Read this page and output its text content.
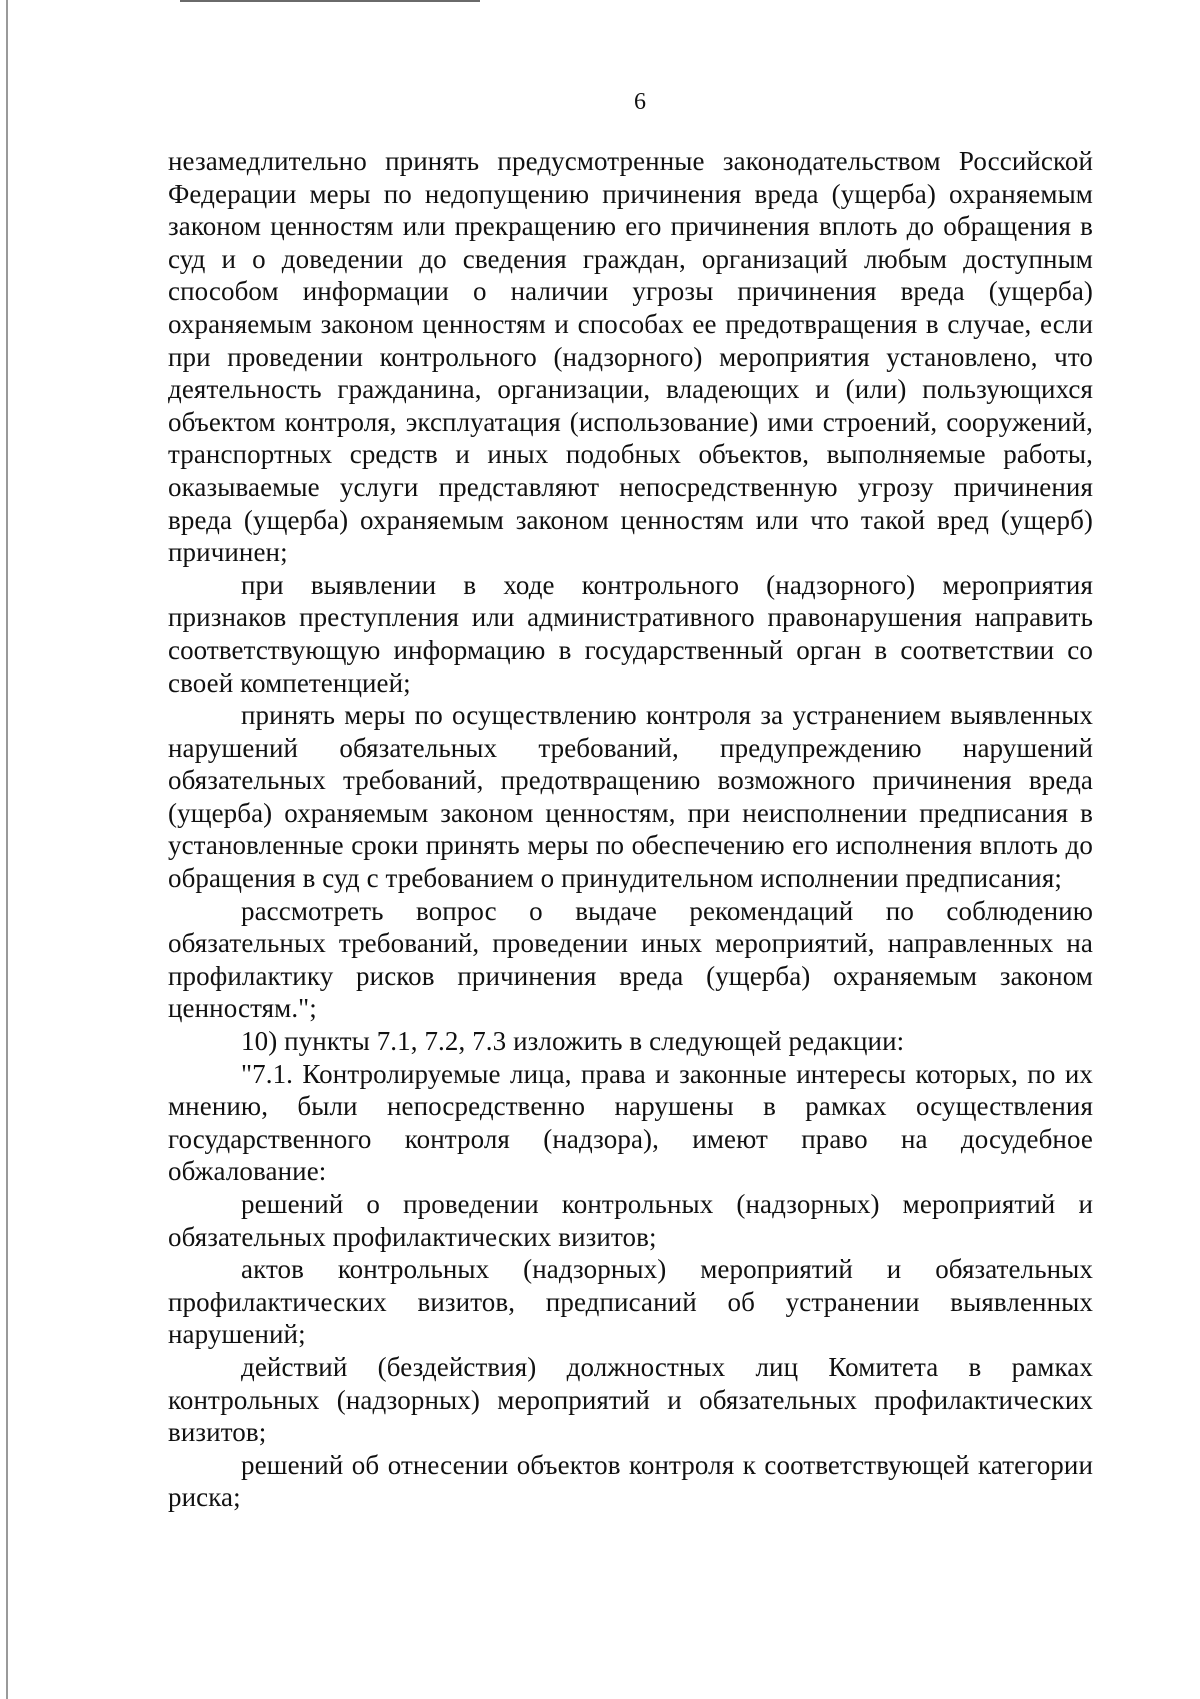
6

незамедлительно принять предусмотренные законодательством Российской Федерации меры по недопущению причинения вреда (ущерба) охраняемым законом ценностям или прекращению его причинения вплоть до обращения в суд и о доведении до сведения граждан, организаций любым доступным способом информации о наличии угрозы причинения вреда (ущерба) охраняемым законом ценностям и способах ее предотвращения в случае, если при проведении контрольного (надзорного) мероприятия установлено, что деятельность гражданина, организации, владеющих и (или) пользующихся объектом контроля, эксплуатация (использование) ими строений, сооружений, транспортных средств и иных подобных объектов, выполняемые работы, оказываемые услуги представляют непосредственную угрозу причинения вреда (ущерба) охраняемым законом ценностям или что такой вред (ущерб) причинен;

при выявлении в ходе контрольного (надзорного) мероприятия признаков преступления или административного правонарушения направить соответствующую информацию в государственный орган в соответствии со своей компетенцией;

принять меры по осуществлению контроля за устранением выявленных нарушений обязательных требований, предупреждению нарушений обязательных требований, предотвращению возможного причинения вреда (ущерба) охраняемым законом ценностям, при неисполнении предписания в установленные сроки принять меры по обеспечению его исполнения вплоть до обращения в суд с требованием о принудительном исполнении предписания;

рассмотреть вопрос о выдаче рекомендаций по соблюдению обязательных требований, проведении иных мероприятий, направленных на профилактику рисков причинения вреда (ущерба) охраняемым законом ценностям.";

10) пункты 7.1, 7.2, 7.3 изложить в следующей редакции:

"7.1. Контролируемые лица, права и законные интересы которых, по их мнению, были непосредственно нарушены в рамках осуществления государственного контроля (надзора), имеют право на досудебное обжалование:

решений о проведении контрольных (надзорных) мероприятий и обязательных профилактических визитов;

актов контрольных (надзорных) мероприятий и обязательных профилактических визитов, предписаний об устранении выявленных нарушений;

действий (бездействия) должностных лиц Комитета в рамках контрольных (надзорных) мероприятий и обязательных профилактических визитов;

решений об отнесении объектов контроля к соответствующей категории риска;
